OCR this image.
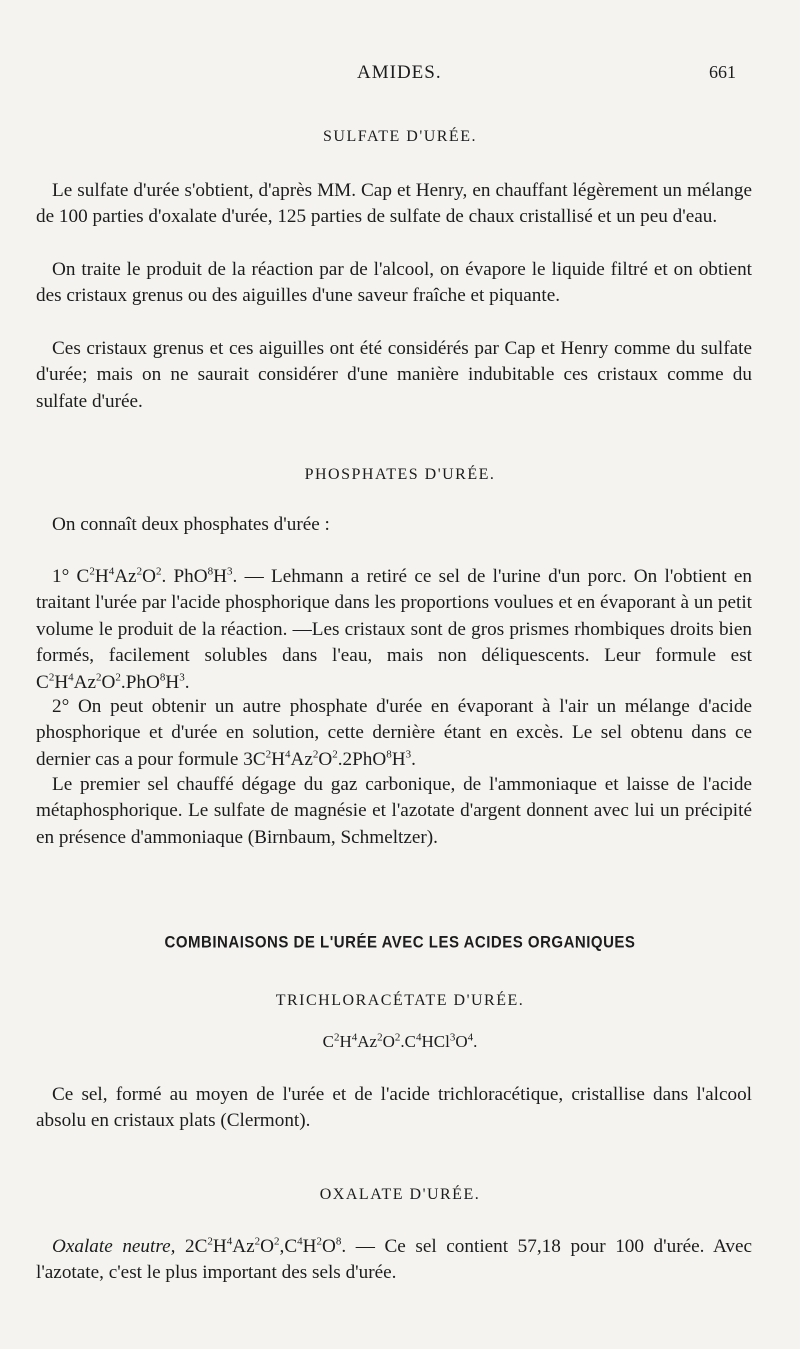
AMIDES.	661
SULFATE D'URÉE.

Le sulfate d'urée s'obtient, d'après MM. Cap et Henry, en chauffant légèrement un mélange de 100 parties d'oxalate d'urée, 125 parties de sulfate de chaux cristallisé et un peu d'eau.

On traite le produit de la réaction par de l'alcool, on évapore le liquide filtré et on obtient des cristaux grenus ou des aiguilles d'une saveur fraîche et piquante.

Ces cristaux grenus et ces aiguilles ont été considérés par Cap et Henry comme du sulfate d'urée; mais on ne saurait considérer d'une manière indubitable ces cristaux comme du sulfate d'urée.

PHOSPHATES D'URÉE.

On connaît deux phosphates d'urée :

1° $C^2H^4Az^2O^2$. $PhO^8H^3$. — Lehmann a retiré ce sel de l'urine d'un porc. On l'obtient en traitant l'urée par l'acide phosphorique dans les proportions voulues et en évaporant à un petit volume le produit de la réaction. —Les cristaux sont de gros prismes rhombiques droits bien formés, facilement solubles dans l'eau, mais non déliquescents. Leur formule est $C^2H^4Az^2O^2.PhO^8H^3$.

2° On peut obtenir un autre phosphate d'urée en évaporant à l'air un mélange d'acide phosphorique et d'urée en solution, cette dernière étant en excès. Le sel obtenu dans ce dernier cas a pour formule $3C^2H^4Az^2O^2.2PhO^8H^3$.

Le premier sel chauffé dégage du gaz carbonique, de l'ammoniaque et laisse de l'acide métaphosphorique. Le sulfate de magnésie et l'azotate d'argent donnent avec lui un précipité en présence d'ammoniaque (Birnbaum, Schmeltzer).

COMBINAISONS DE L'URÉE AVEC LES ACIDES ORGANIQUES
TRICHLORACÉTATE D'URÉE.
$C^2H^4Az^2O^2.C^4HCl^3O^4$.

Ce sel, formé au moyen de l'urée et de l'acide trichloracétique, cristallise dans l'alcool absolu en cristaux plats (Clermont).

OXALATE D'URÉE.

Oxalate neutre, $2C^2H^4Az^2O^2,C^4H^2O^8$. — Ce sel contient 57,18 pour 100 d'urée. Avec l'azotate, c'est le plus important des sels d'urée.
